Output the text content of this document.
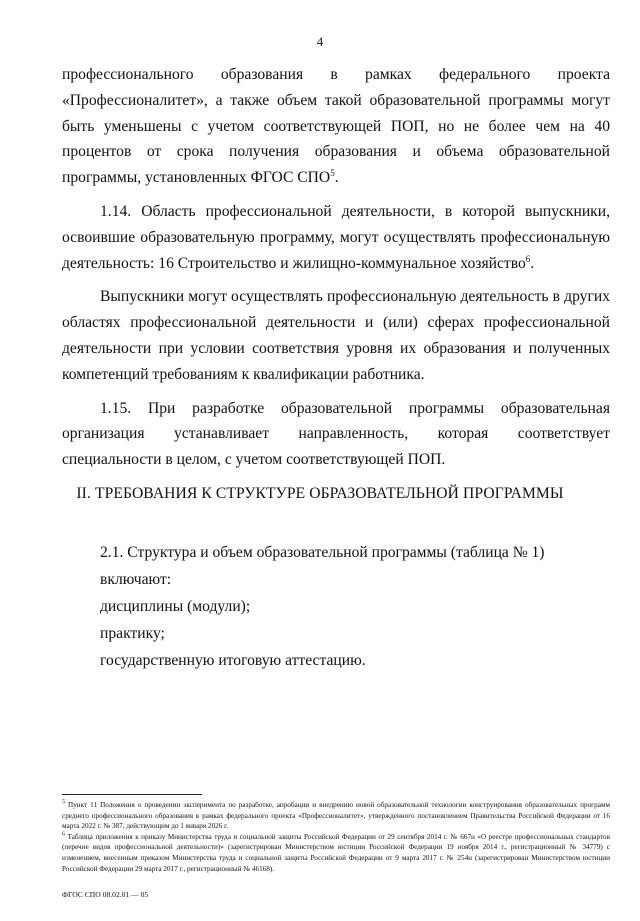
4

профессионального образования в рамках федерального проекта «Профессионалитет», а также объем такой образовательной программы могут быть уменьшены с учетом соответствующей ПОП, но не более чем на 40 процентов от срока получения образования и объема образовательной программы, установленных ФГОС СПО$^5$.

1.14. Область профессиональной деятельности, в которой выпускники, освоившие образовательную программу, могут осуществлять профессиональную деятельность: 16 Строительство и жилищно-коммунальное хозяйство$^6$.

Выпускники могут осуществлять профессиональную деятельность в других областях профессиональной деятельности и (или) сферах профессиональной деятельности при условии соответствия уровня их образования и полученных компетенций требованиям к квалификации работника.

1.15. При разработке образовательной программы образовательная организация устанавливает направленность, которая соответствует специальности в целом, с учетом соответствующей ПОП.

II. ТРЕБОВАНИЯ К СТРУКТУРЕ ОБРАЗОВАТЕЛЬНОЙ ПРОГРАММЫ

2.1. Структура и объем образовательной программы (таблица № 1) включают:

дисциплины (модули);

практику;

государственную итоговую аттестацию.

$^5$ Пункт 11 Положения о проведении эксперимента по разработке, апробации и внедрению новой образовательной технологии конструирования образовательных программ среднего профессионального образования в рамках федерального проекта «Профессионалитет», утвержденного постановлением Правительства Российской Федерации от 16 марта 2022 г. № 387, действующим до 1 января 2026 г.

$^6$ Таблица приложения к приказу Министерства труда и социальной защиты Российской Федерации от 29 сентября 2014 г. № 667н «О реестре профессиональных стандартов (перечне видов профессиональной деятельности)» (зарегистрирован Министерством юстиции Российской Федерации 19 ноября 2014 г., регистрационный № 34779) с изменением, внесенным приказом Министерства труда и социальной защиты Российской Федерации от 9 марта 2017 г. № 254н (зарегистрирован Министерством юстиции Российской Федерации 29 марта 2017 г., регистрационный № 46168).

ФГОС СПО 08.02.01 — 05
